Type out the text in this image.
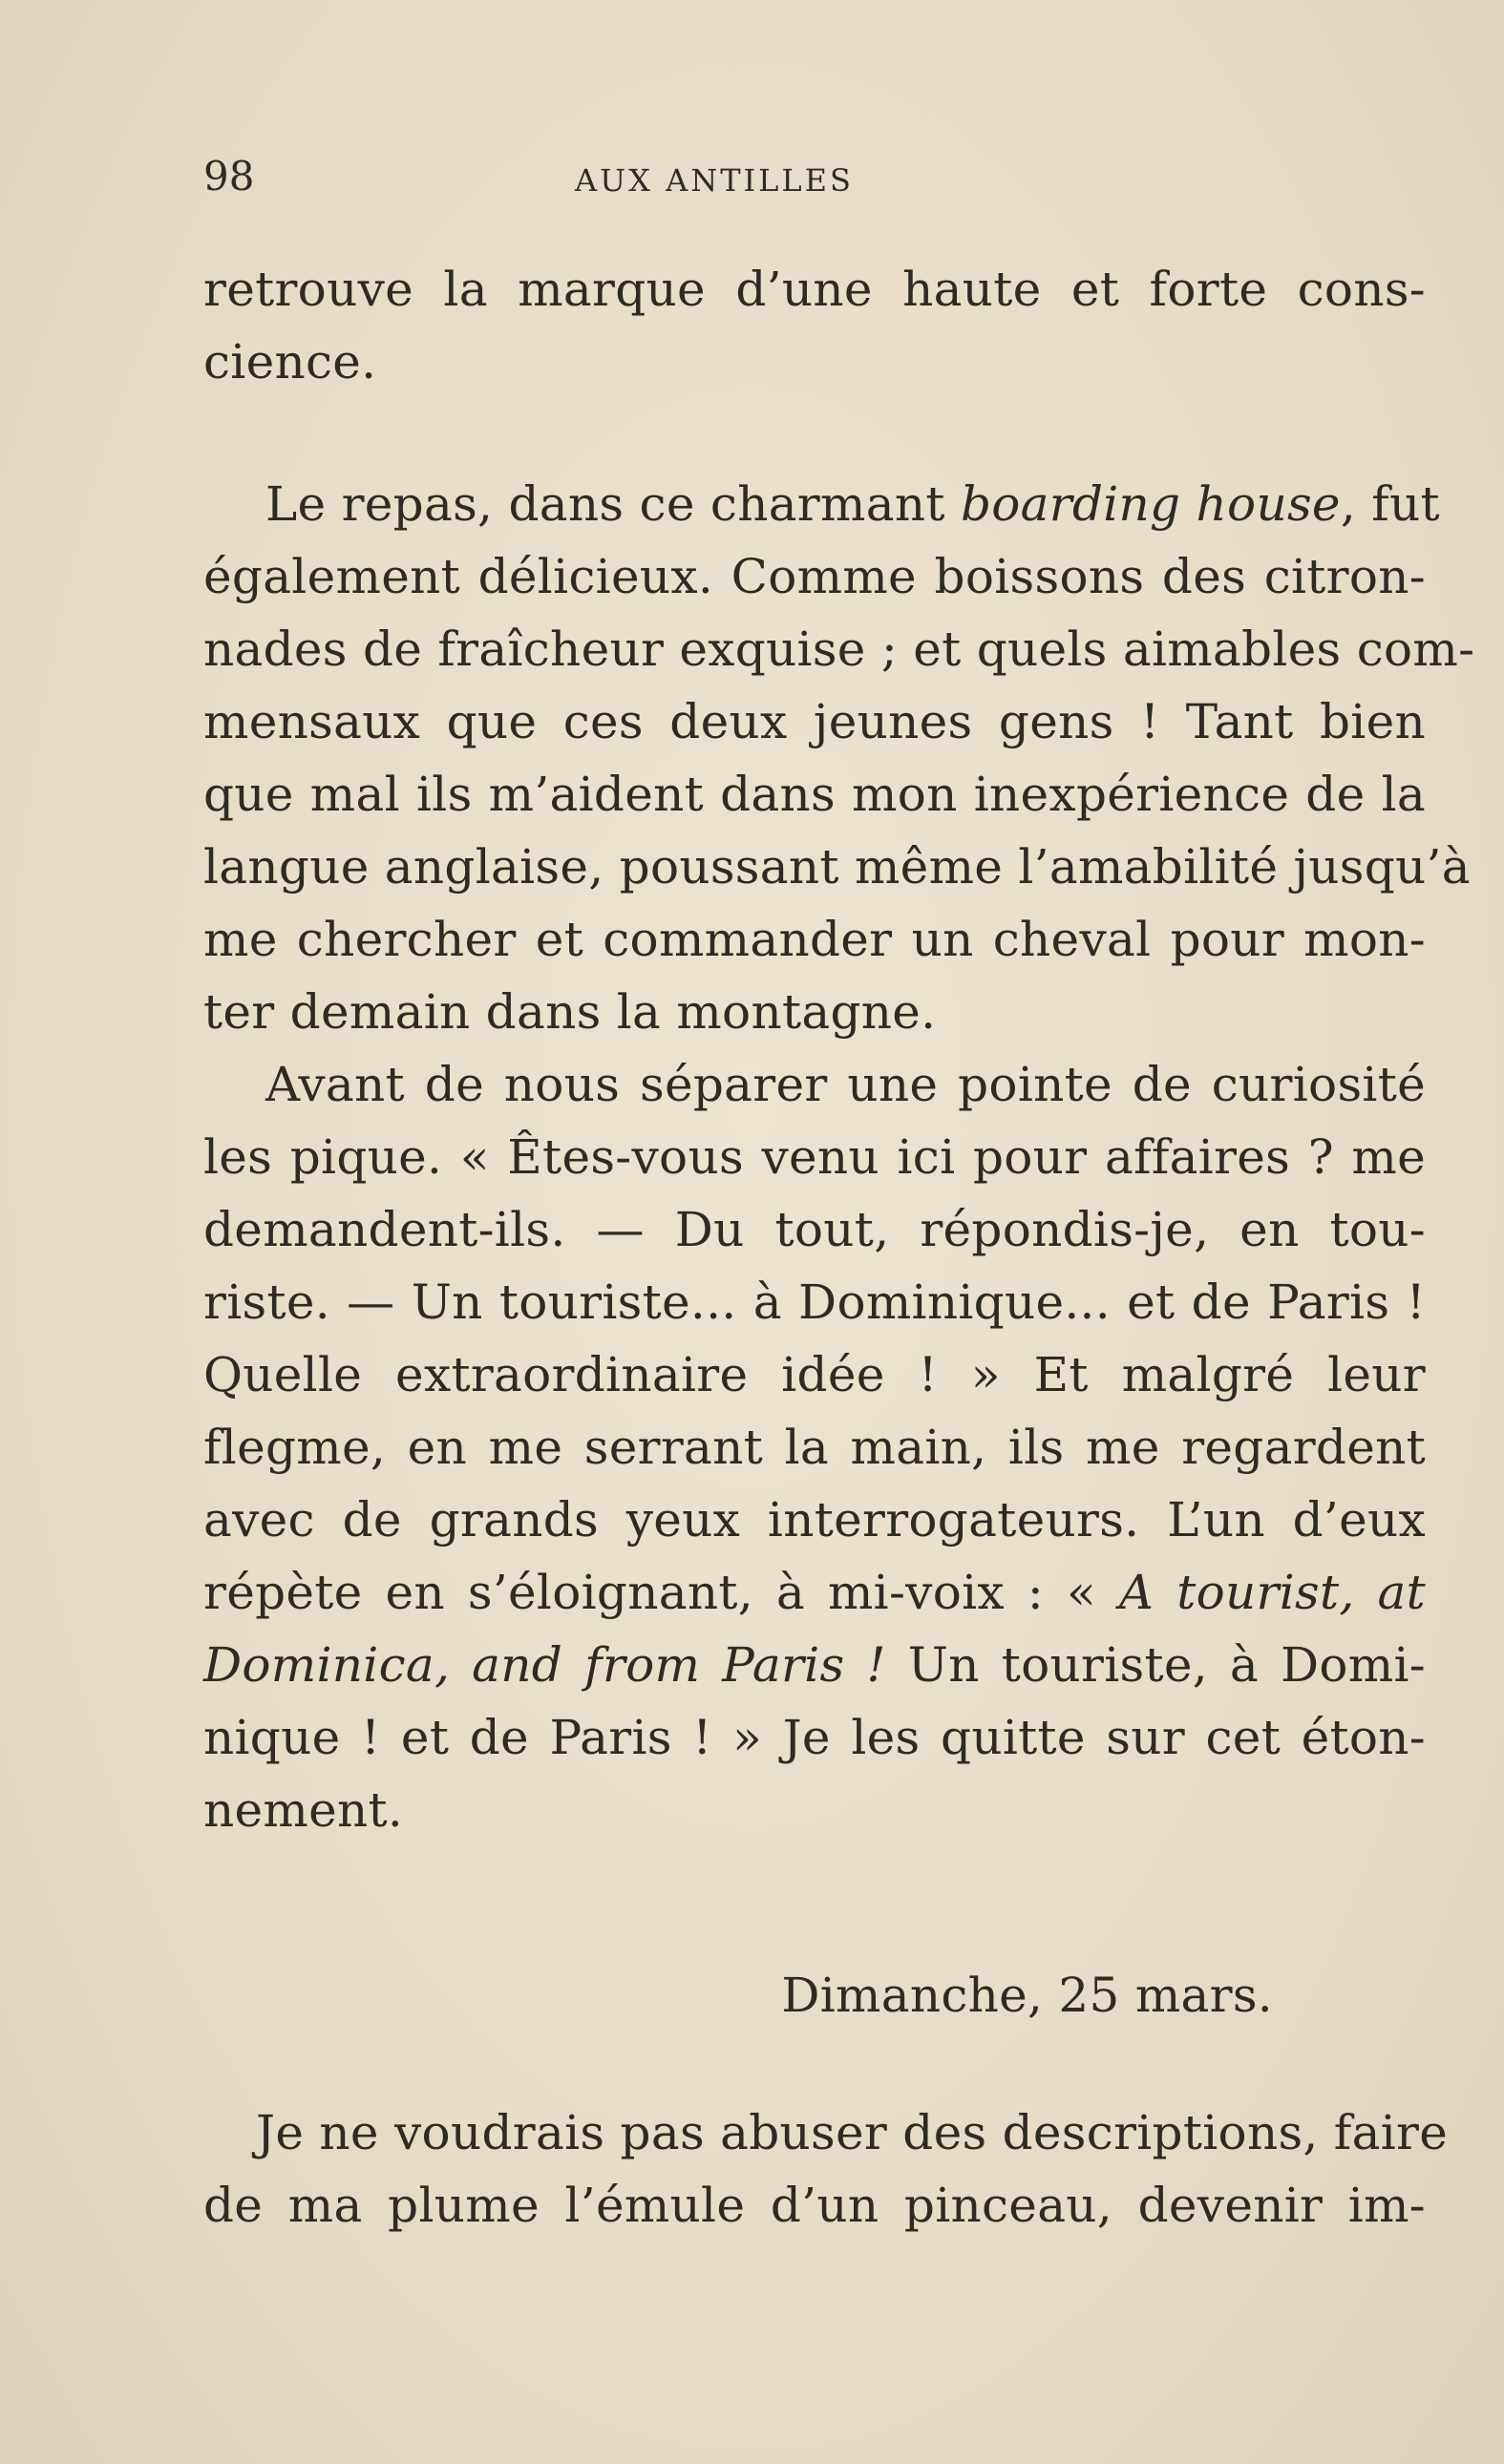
98	AUX ANTILLES
retrouve la marque d’une haute et forte cons-
cience.
Le repas, dans ce charmant boarding house, fut
également délicieux. Comme boissons des citron-
nades de fraîcheur exquise ; et quels aimables com-
mensaux que ces deux jeunes gens ! Tant bien
que mal ils m’aident dans mon inexpérience de la
langue anglaise, poussant même l’amabilité jusqu’à
me chercher et commander un cheval pour mon-
ter demain dans la montagne.
Avant de nous séparer une pointe de curiosité
les pique. « Êtes-vous venu ici pour affaires ? me
demandent-ils. — Du tout, répondis-je, en tou-
riste. — Un touriste... à Dominique... et de Paris !
Quelle extraordinaire idée ! » Et malgré leur
flegme, en me serrant la main, ils me regardent
avec de grands yeux interrogateurs. L’un d’eux
répète en s’éloignant, à mi-voix : « A tourist, at
Dominica, and from Paris ! Un touriste, à Domi-
nique ! et de Paris ! » Je les quitte sur cet éton-
nement.
Dimanche, 25 mars.
Je ne voudrais pas abuser des descriptions, faire
de ma plume l’émule d’un pinceau, devenir im-
